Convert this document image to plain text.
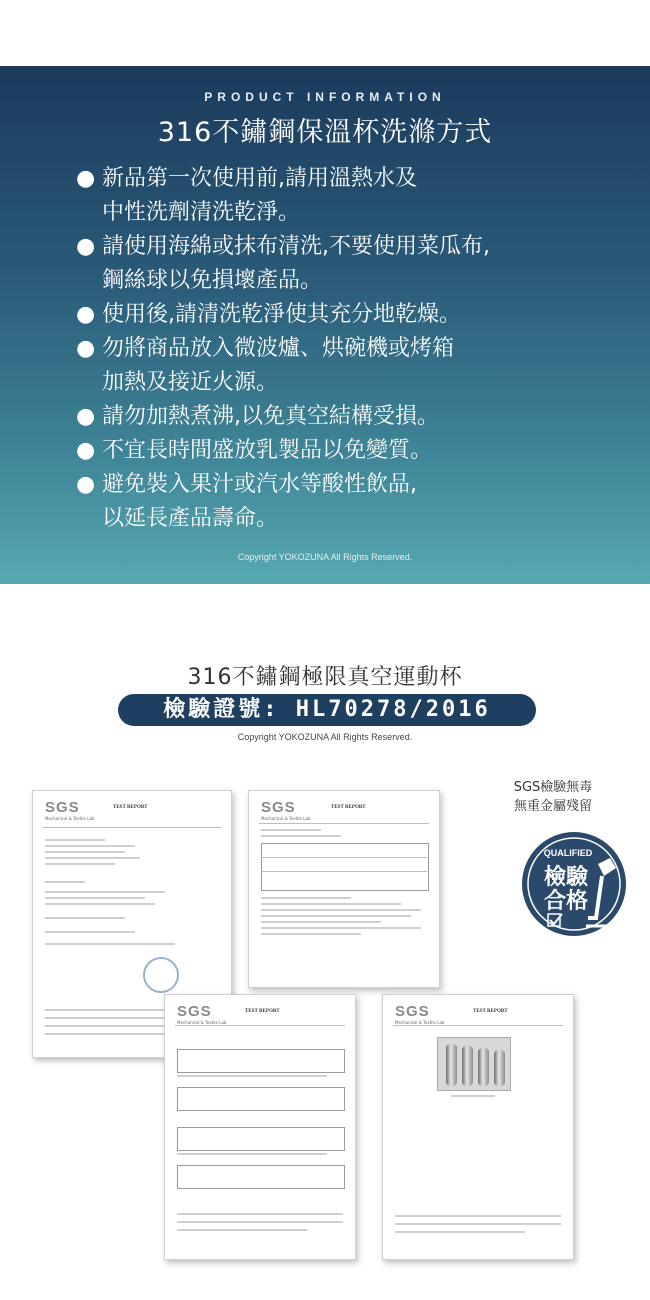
PRODUCT INFORMATION
316不鏽鋼保溫杯洗滌方式
● 新品第一次使用前,請用溫熱水及
中性洗劑清洗乾淨。
● 請使用海綿或抹布清洗,不要使用菜瓜布,
鋼絲球以免損壞產品。
● 使用後,請清洗乾淨使其充分地乾燥。
● 勿將商品放入微波爐、烘碗機或烤箱
加熱及接近火源。
● 請勿加熱煮沸,以免真空結構受損。
● 不宜長時間盛放乳製品以免變質。
● 避免裝入果汁或汽水等酸性飲品,
以延長產品壽命。
Copyright YOKOZUNA All Rights Reserved.
316不鏽鋼極限真空運動杯
檢驗證號: HL70278/2016
Copyright YOKOZUNA All Rights Reserved.
SGS檢驗無毒
無重金屬殘留
QUALIFIED
檢驗
合格
SGS
Mechanical & Textile Lab
TEST REPORT	SGS
Mechanical & Textile Lab
TEST REPORT
SGS
Mechanical & Textile Lab
TEST REPORT	SGS
Mechanical & Textile Lab
TEST REPORT
